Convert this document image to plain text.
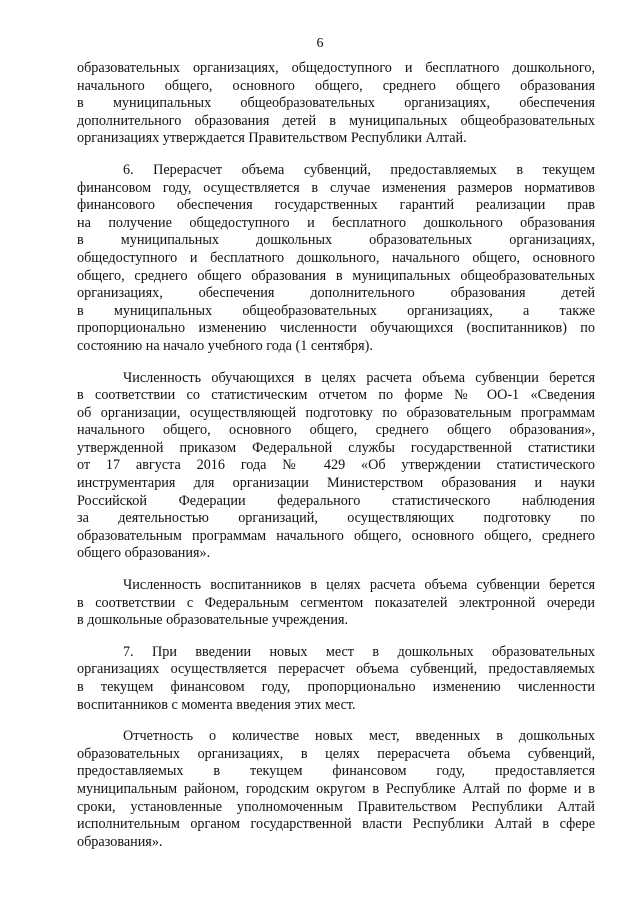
6

образовательных организациях, общедоступного и бесплатного дошкольного,
начального общего, основного общего, среднего общего образования
в муниципальных общеобразовательных организациях, обеспечения
дополнительного образования детей в муниципальных общеобразовательных
организациях утверждается Правительством Республики Алтай.

6. Перерасчет объема субвенций, предоставляемых в текущем
финансовом году, осуществляется в случае изменения размеров нормативов
финансового обеспечения государственных гарантий реализации прав
на получение общедоступного и бесплатного дошкольного образования
в муниципальных дошкольных образовательных организациях,
общедоступного и бесплатного дошкольного, начального общего, основного
общего, среднего общего образования в муниципальных общеобразовательных
организациях, обеспечения дополнительного образования детей
в муниципальных общеобразовательных организациях, а также
пропорционально изменению численности обучающихся (воспитанников) по
состоянию на начало учебного года (1 сентября).

Численность обучающихся в целях расчета объема субвенции берется
в соответствии со статистическим отчетом по форме № ОО-1 «Сведения
об организации, осуществляющей подготовку по образовательным программам
начального общего, основного общего, среднего общего образования»,
утвержденной приказом Федеральной службы государственной статистики
от 17 августа 2016 года № 429 «Об утверждении статистического
инструментария для организации Министерством образования и науки
Российской Федерации федерального статистического наблюдения
за деятельностью организаций, осуществляющих подготовку по
образовательным программам начального общего, основного общего, среднего
общего образования».

Численность воспитанников в целях расчета объема субвенции берется
в соответствии с Федеральным сегментом показателей электронной очереди
в дошкольные образовательные учреждения.

7. При введении новых мест в дошкольных образовательных
организациях осуществляется перерасчет объема субвенций, предоставляемых
в текущем финансовом году, пропорционально изменению численности
воспитанников с момента введения этих мест.

Отчетность о количестве новых мест, введенных в дошкольных
образовательных организациях, в целях перерасчета объема субвенций,
предоставляемых в текущем финансовом году, предоставляется
муниципальным районом, городским округом в Республике Алтай по форме и в
сроки, установленные уполномоченным Правительством Республики Алтай
исполнительным органом государственной власти Республики Алтай в сфере
образования».
